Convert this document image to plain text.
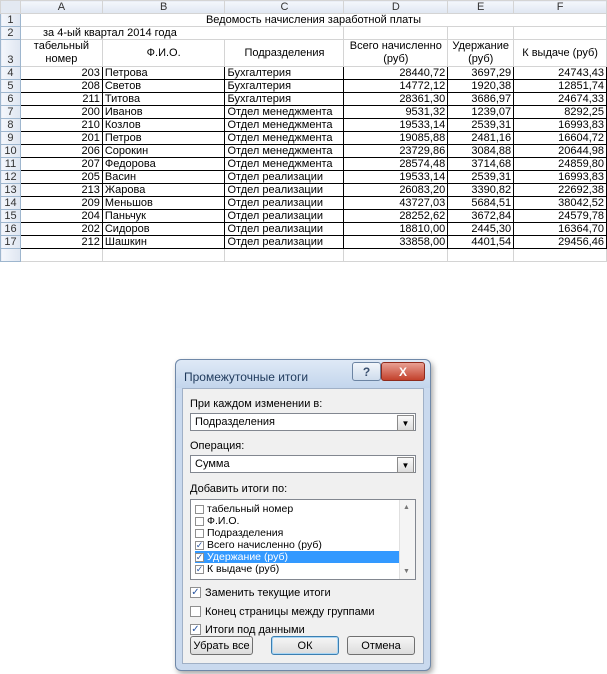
	A	B	C	D	E	F
1	Ведомость начисления заработной платы					
2	за 4-ый квартал 2014 года					
3	табельный номер	Ф.И.О.	Подразделения	Всего начисленно (руб)	Удержание (руб)	К выдаче (руб)
4	203	Петрова	Бухгалтерия	28440,72	3697,29	24743,43
5	208	Светов	Бухгалтерия	14772,12	1920,38	12851,74
6	211	Титова	Бухгалтерия	28361,30	3686,97	24674,33
7	200	Иванов	Отдел менеджмента	9531,32	1239,07	8292,25
8	210	Козлов	Отдел менеджмента	19533,14	2539,31	16993,83
9	201	Петров	Отдел менеджмента	19085,88	2481,16	16604,72
10	206	Сорокин	Отдел менеджмента	23729,86	3084,88	20644,98
11	207	Федорова	Отдел менеджмента	28574,48	3714,68	24859,80
12	205	Васин	Отдел реализации	19533,14	2539,31	16993,83
13	213	Жарова	Отдел реализации	26083,20	3390,82	22692,38
14	209	Меньшов	Отдел реализации	43727,03	5684,51	38042,52
15	204	Паньчук	Отдел реализации	28252,62	3672,84	24579,78
16	202	Сидоров	Отдел реализации	18810,00	2445,30	16364,70
17	212	Шашкин	Отдел реализации	33858,00	4401,54	29456,46

Промежуточные итоги	? X
При каждом изменении в:
Подразделения	▼
Операция:
Сумма	▼
Добавить итоги по:
табельный номер
Ф.И.О.
Подразделения
✓ Всего начисленно (руб)
✓ Удержание (руб)
✓ К выдаче (руб)
▲
▼
✓ Заменить текущие итоги
Конец страницы между группами
✓ Итоги под данными
Убрать все	ОК	Отмена
